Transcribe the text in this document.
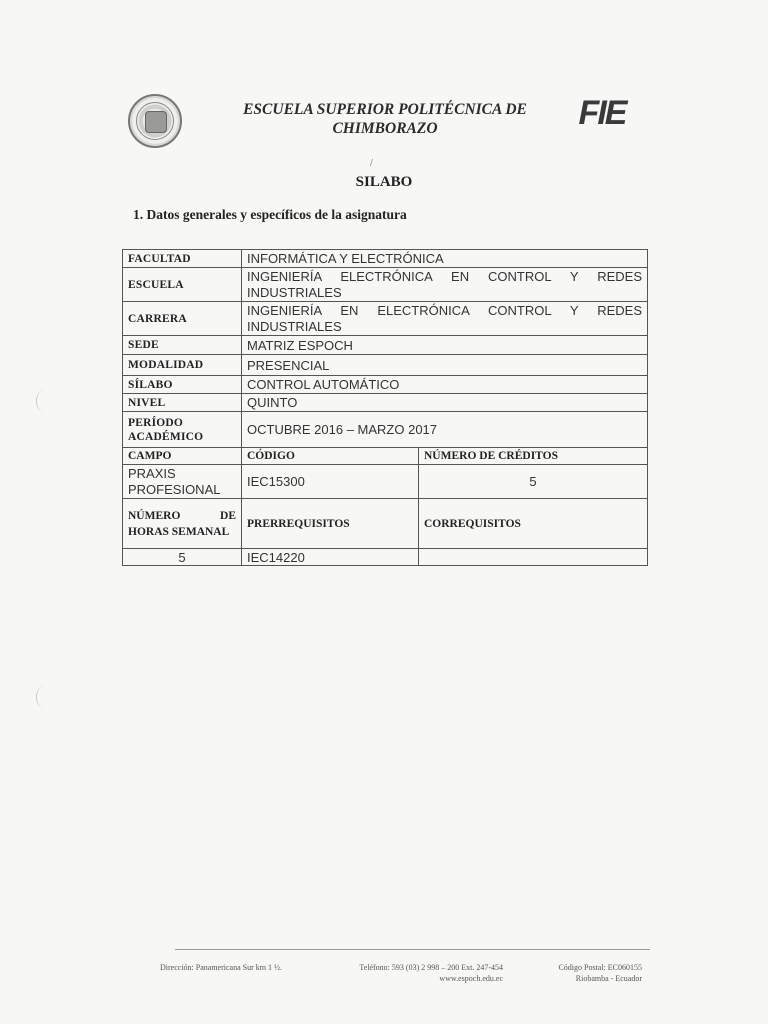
ESCUELA SUPERIOR POLITÉCNICA DE
CHIMBORAZO	FIE

/
SILABO
1. Datos generales y específicos de la asignatura
FACULTAD	INFORMÁTICA Y ELECTRÓNICA	
ESCUELA	INGENIERÍA ELECTRÓNICA EN CONTROL Y REDES INDUSTRIALES	
CARRERA	INGENIERÍA EN ELECTRÓNICA CONTROL Y REDES INDUSTRIALES	
SEDE	MATRIZ ESPOCH	
MODALIDAD	PRESENCIAL	
SÍLABO	CONTROL AUTOMÁTICO	
NIVEL	QUINTO	
PERÍODO ACADÉMICO	OCTUBRE 2016 – MARZO 2017	
CAMPO	CÓDIGO	NÚMERO DE CRÉDITOS
PRAXIS PROFESIONAL	IEC15300	5
NÚMERO DE HORAS SEMANAL	PRERREQUISITOS	CORREQUISITOS
5	IEC14220	
Dirección: Panamericana Sur km 1 ½.	Teléfono: 593 (03) 2 998 – 200 Ext. 247-454
www.espoch.edu.ec
Código Postal: EC060155
Riobamba - Ecuador
